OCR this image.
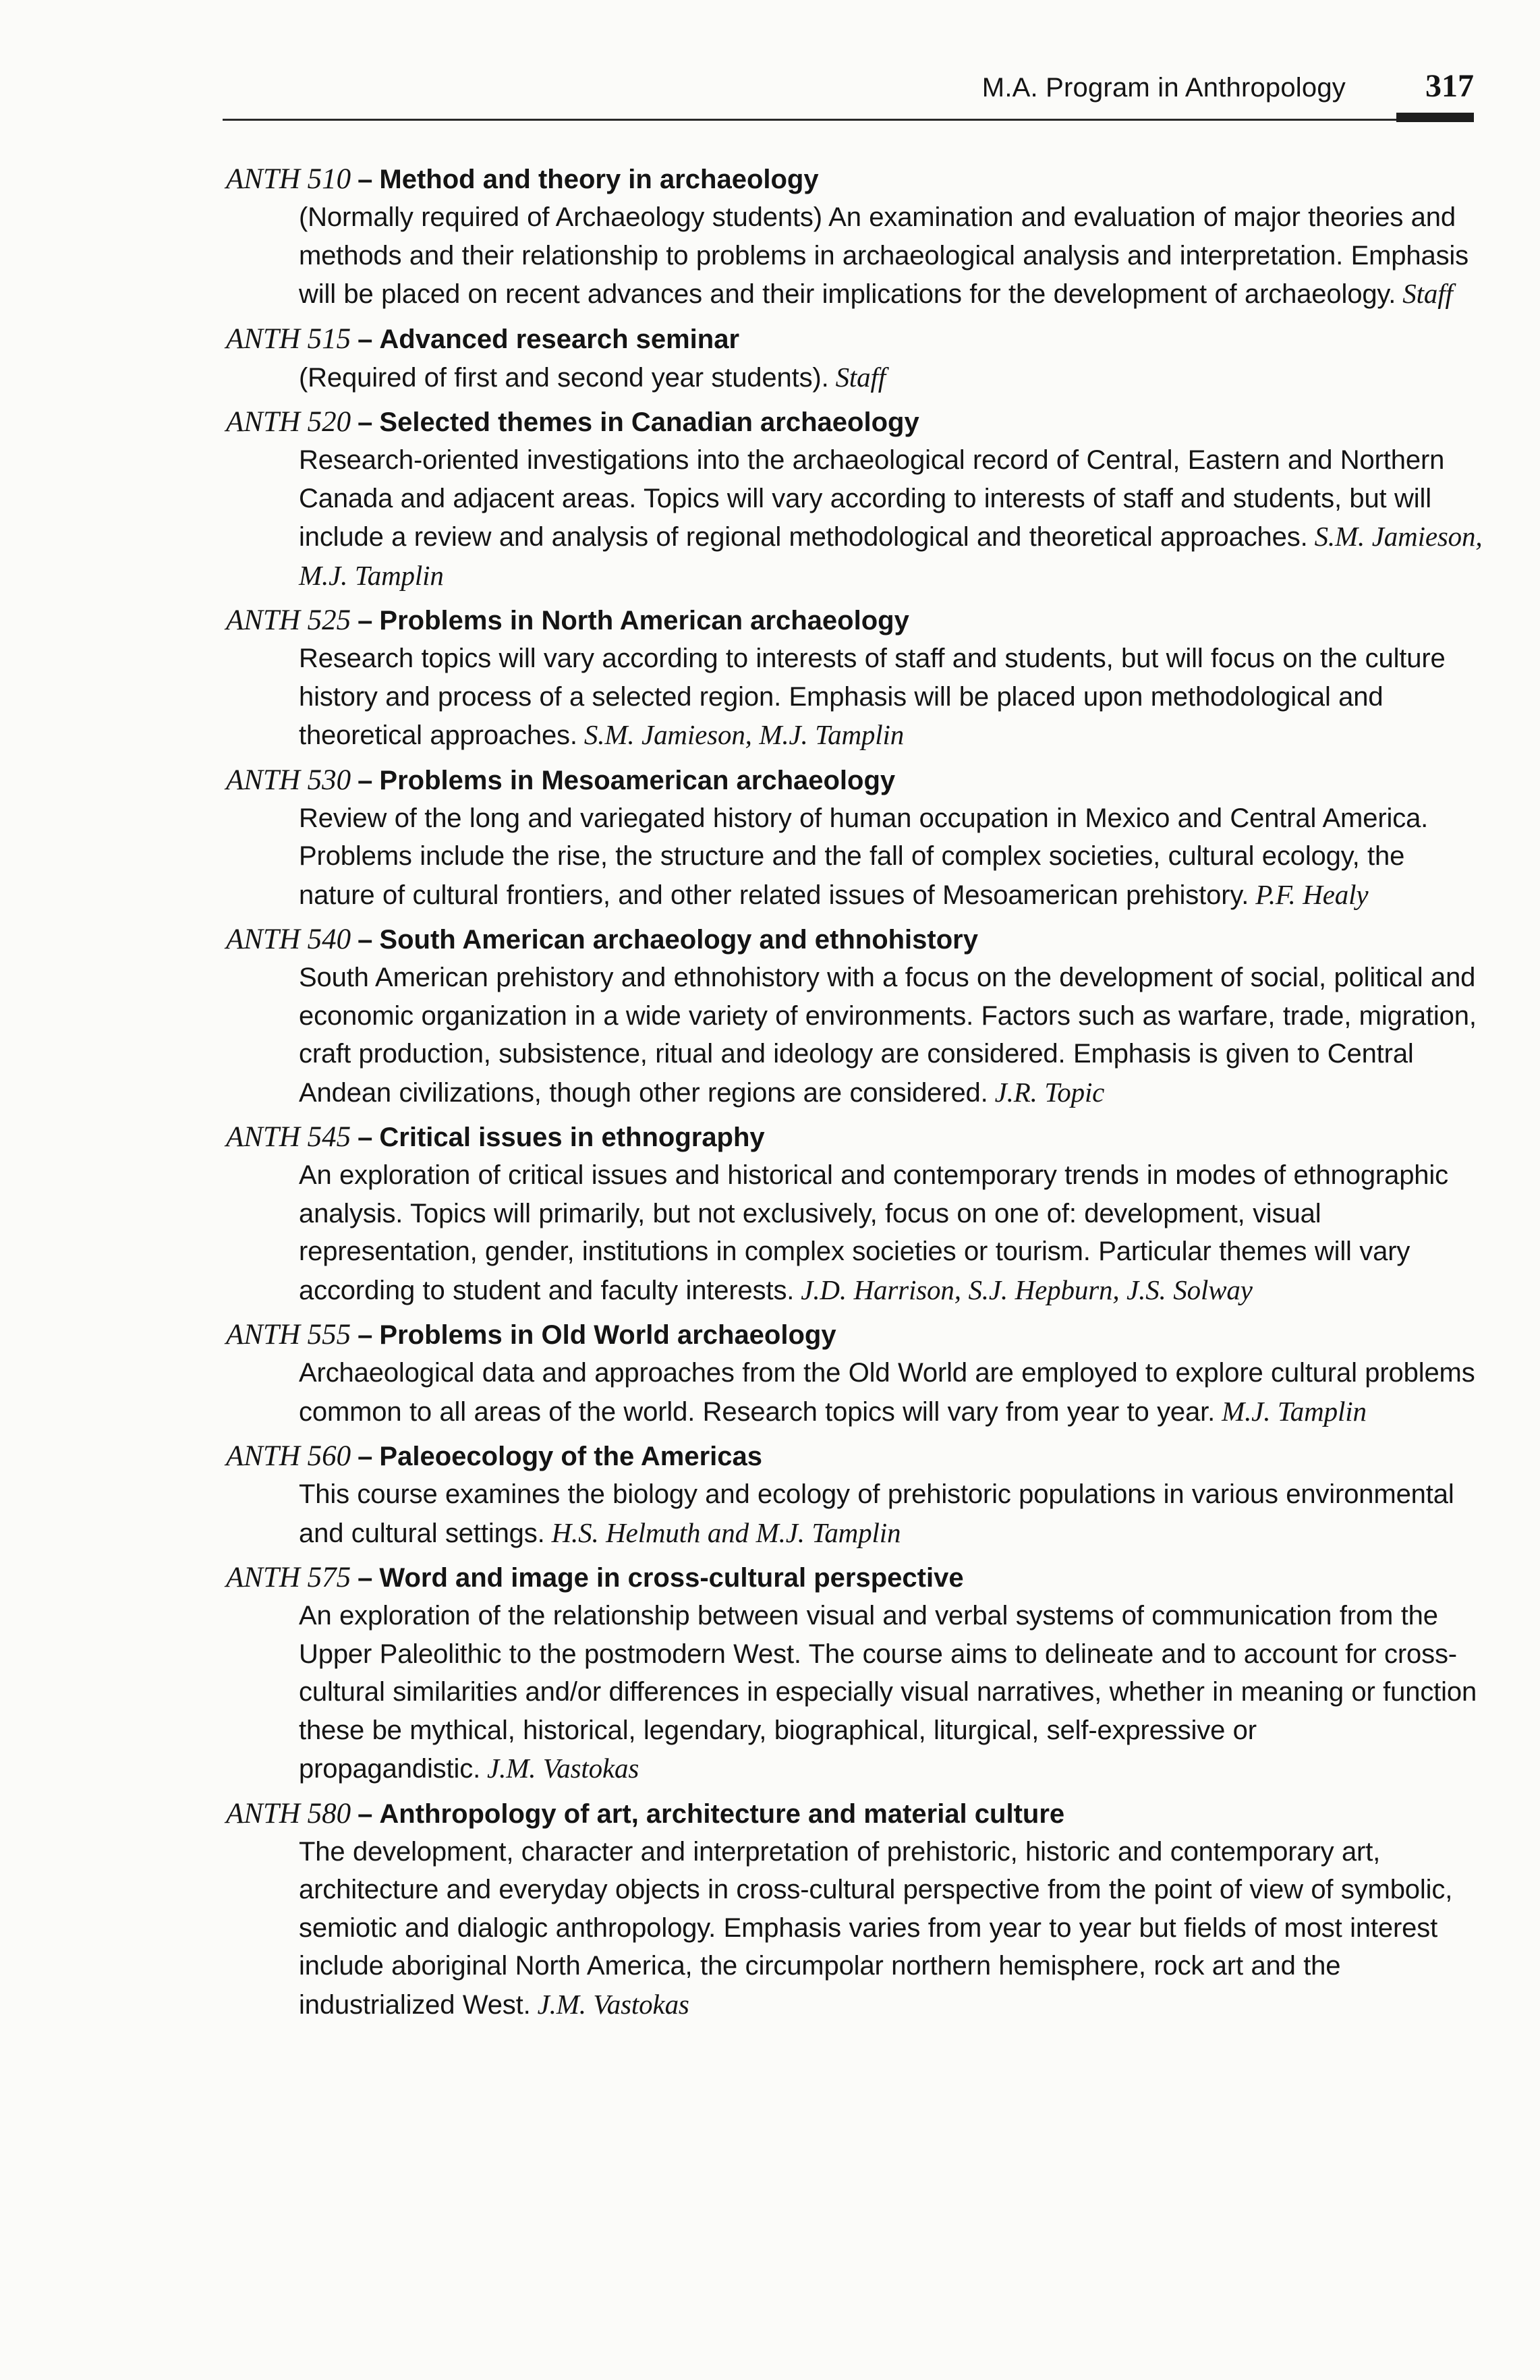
M.A. Program in Anthropology 317
ANTH 510 – Method and theory in archaeology
(Normally required of Archaeology students) An examination and evaluation of major theories and methods and their relationship to problems in archaeological analysis and interpretation. Emphasis will be placed on recent advances and their implications for the development of archaeology. Staff
ANTH 515 – Advanced research seminar
(Required of first and second year students). Staff
ANTH 520 – Selected themes in Canadian archaeology
Research-oriented investigations into the archaeological record of Central, Eastern and Northern Canada and adjacent areas. Topics will vary according to interests of staff and students, but will include a review and analysis of regional methodological and theoretical approaches. S.M. Jamieson, M.J. Tamplin
ANTH 525 – Problems in North American archaeology
Research topics will vary according to interests of staff and students, but will focus on the culture history and process of a selected region. Emphasis will be placed upon methodological and theoretical approaches. S.M. Jamieson, M.J. Tamplin
ANTH 530 – Problems in Mesoamerican archaeology
Review of the long and variegated history of human occupation in Mexico and Central America. Problems include the rise, the structure and the fall of complex societies, cultural ecology, the nature of cultural frontiers, and other related issues of Mesoamerican prehistory. P.F. Healy
ANTH 540 – South American archaeology and ethnohistory
South American prehistory and ethnohistory with a focus on the development of social, political and economic organization in a wide variety of environments. Factors such as warfare, trade, migration, craft production, subsistence, ritual and ideology are considered. Emphasis is given to Central Andean civilizations, though other regions are considered. J.R. Topic
ANTH 545 – Critical issues in ethnography
An exploration of critical issues and historical and contemporary trends in modes of ethnographic analysis. Topics will primarily, but not exclusively, focus on one of: development, visual representation, gender, institutions in complex societies or tourism. Particular themes will vary according to student and faculty interests. J.D. Harrison, S.J. Hepburn, J.S. Solway
ANTH 555 – Problems in Old World archaeology
Archaeological data and approaches from the Old World are employed to explore cultural problems common to all areas of the world. Research topics will vary from year to year. M.J. Tamplin
ANTH 560 – Paleoecology of the Americas
This course examines the biology and ecology of prehistoric populations in various environmental and cultural settings. H.S. Helmuth and M.J. Tamplin
ANTH 575 – Word and image in cross-cultural perspective
An exploration of the relationship between visual and verbal systems of communication from the Upper Paleolithic to the postmodern West. The course aims to delineate and to account for cross-cultural similarities and/or differences in especially visual narratives, whether in meaning or function these be mythical, historical, legendary, biographical, liturgical, self-expressive or propagandistic. J.M. Vastokas
ANTH 580 – Anthropology of art, architecture and material culture
The development, character and interpretation of prehistoric, historic and contemporary art, architecture and everyday objects in cross-cultural perspective from the point of view of symbolic, semiotic and dialogic anthropology. Emphasis varies from year to year but fields of most interest include aboriginal North America, the circumpolar northern hemisphere, rock art and the industrialized West. J.M. Vastokas
